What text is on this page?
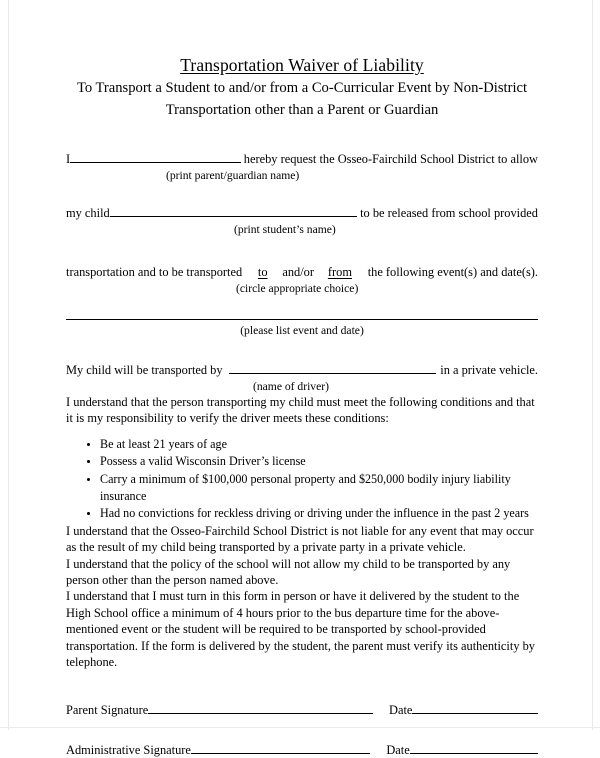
Transportation Waiver of Liability
To Transport a Student to and/or from a Co-Curricular Event by Non-District
Transportation other than a Parent or Guardian
I
	hereby request the Osseo-Fairchild School District to allow
(print parent/guardian name)
my child
	to be released from school provided
(print student’s name)
transportation and to be transported to and/or from the following event(s) and date(s).
(circle appropriate choice)
(please list event and date)
My child will be transported by	in a private vehicle.
(name of driver)

I understand that the person transporting my child must meet the following conditions and that it is my responsibility to verify the driver meets these conditions:

Be at least 21 years of age
Possess a valid Wisconsin Driver’s license
Carry a minimum of $100,000 personal property and $250,000 bodily injury liability insurance
Had no convictions for reckless driving or driving under the influence in the past 2 years

I understand that the Osseo-Fairchild School District is not liable for any event that may occur as the result of my child being transported by a private party in a private vehicle.

I understand that the policy of the school will not allow my child to be transported by any person other than the person named above.

I understand that I must turn in this form in person or have it delivered by the student to the High School office a minimum of 4 hours prior to the bus departure time for the above-mentioned event or the student will be required to be transported by school-provided transportation. If the form is delivered by the student, the parent must verify its authenticity by telephone.

Parent Signature	Date
Administrative Signature	Date
